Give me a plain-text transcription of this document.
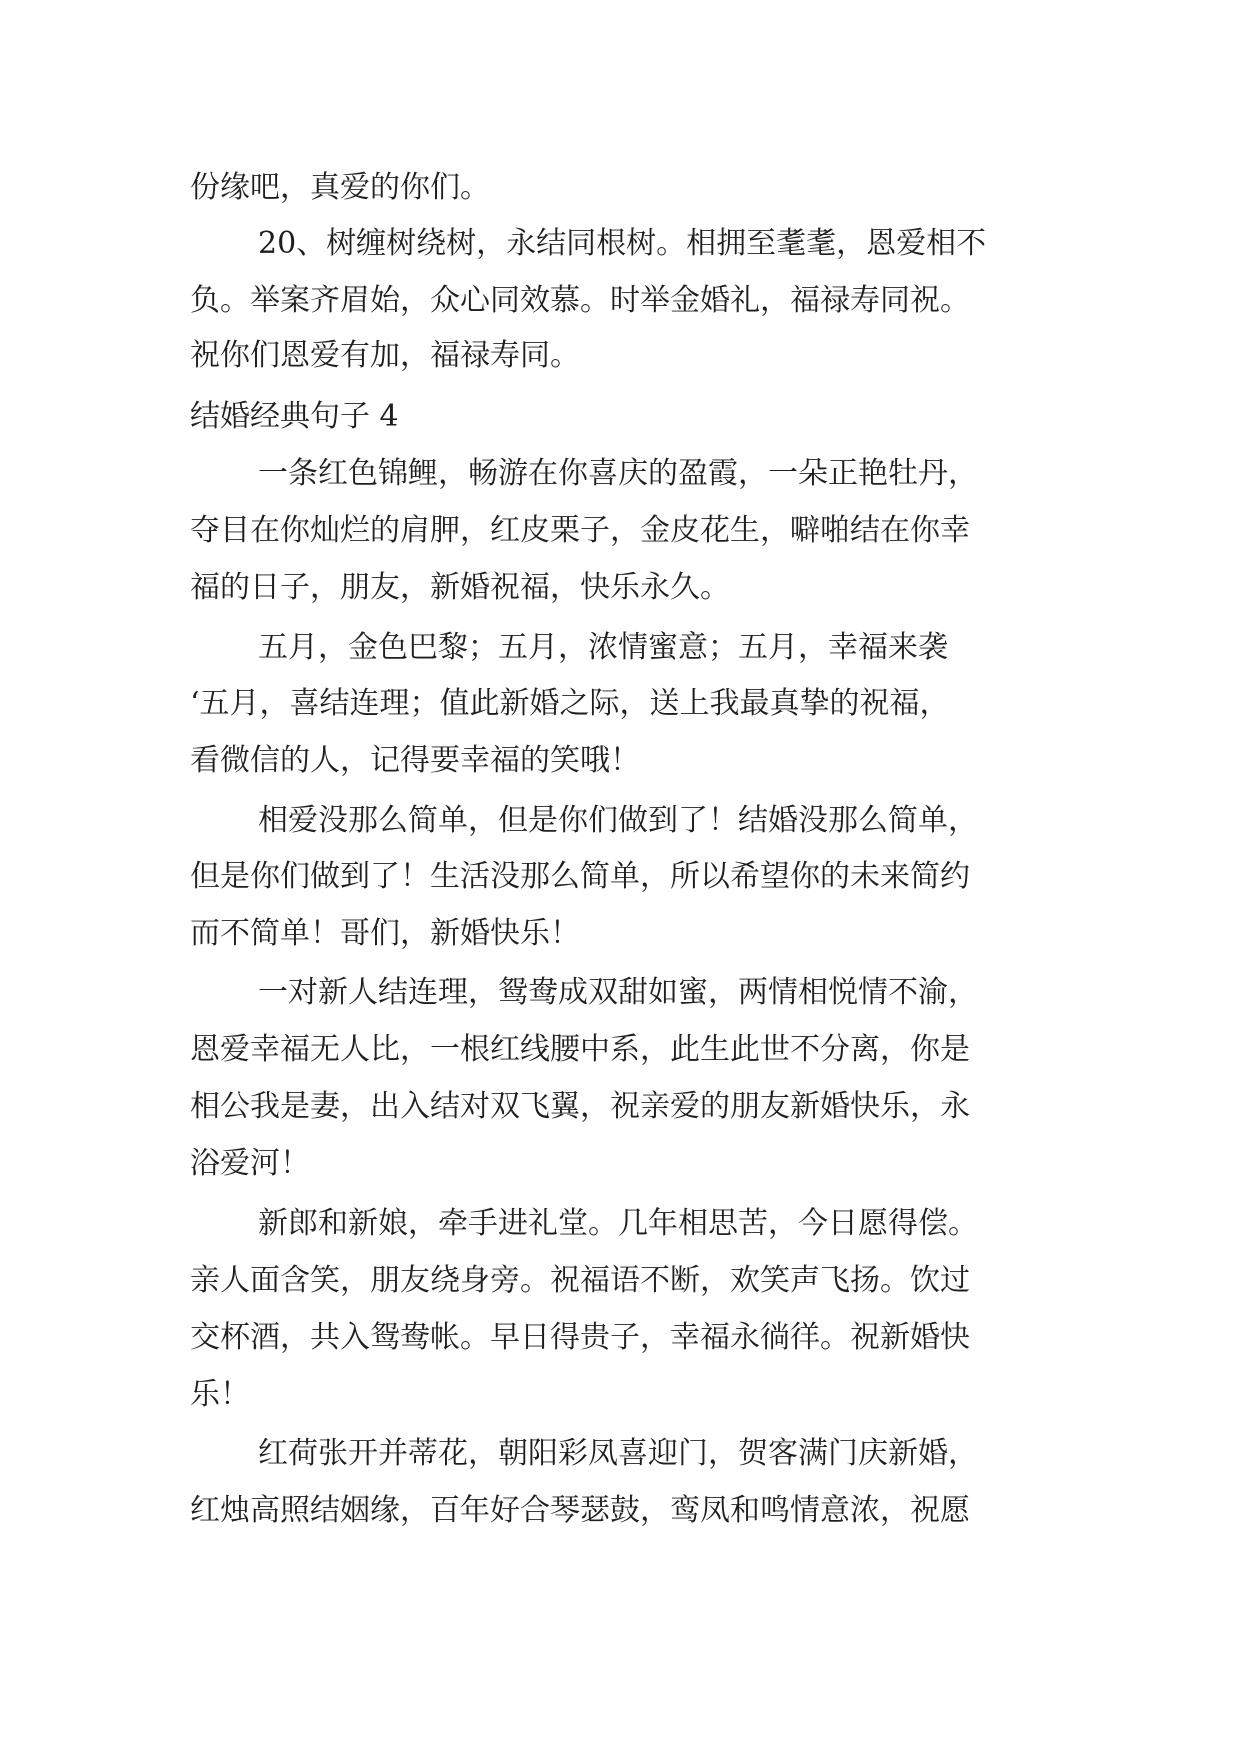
份缘吧，真爱的你们。

20、树缠树绕树，永结同根树。相拥至耄耄，恩爱相不

负。举案齐眉始，众心同效慕。时举金婚礼，福禄寿同祝。

祝你们恩爱有加，福禄寿同。

结婚经典句子 4

一条红色锦鲤，畅游在你喜庆的盈霞，一朵正艳牡丹，

夺目在你灿烂的肩胛，红皮栗子，金皮花生，噼啪结在你幸

福的日子，朋友，新婚祝福，快乐永久。

五月，金色巴黎；五月，浓情蜜意；五月，幸福来袭

‘五月，喜结连理；值此新婚之际，送上我最真挚的祝福，

看微信的人，记得要幸福的笑哦！

相爱没那么简单，但是你们做到了！结婚没那么简单，

但是你们做到了！生活没那么简单，所以希望你的未来简约

而不简单！哥们，新婚快乐！

一对新人结连理，鸳鸯成双甜如蜜，两情相悦情不渝，

恩爱幸福无人比，一根红线腰中系，此生此世不分离，你是

相公我是妻，出入结对双飞翼，祝亲爱的朋友新婚快乐，永

浴爱河！

新郎和新娘，牵手进礼堂。几年相思苦，今日愿得偿。

亲人面含笑，朋友绕身旁。祝福语不断，欢笑声飞扬。饮过

交杯酒，共入鸳鸯帐。早日得贵子，幸福永徜徉。祝新婚快

乐！

红荷张开并蒂花，朝阳彩凤喜迎门，贺客满门庆新婚，

红烛高照结姻缘，百年好合琴瑟鼓，鸾凤和鸣情意浓，祝愿
